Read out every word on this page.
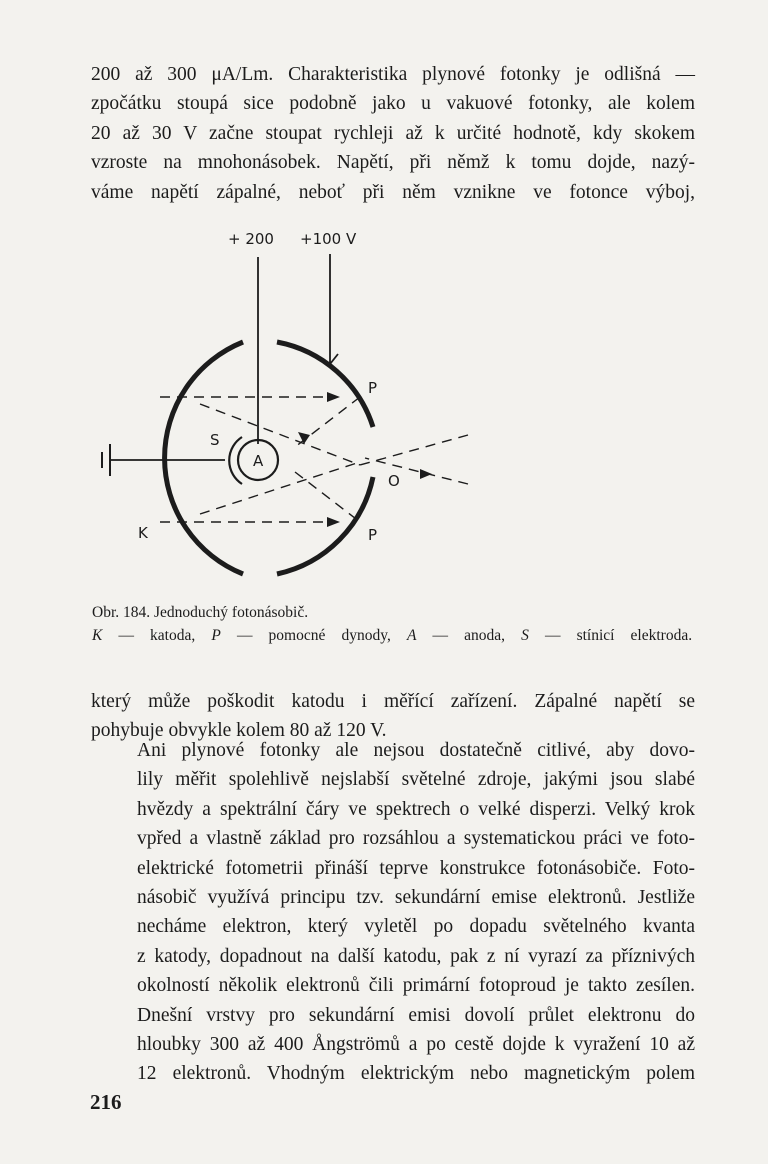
200 až 300 μA/Lm. Charakteristika plynové fotonky je odlišná —
zpočátku stoupá sice podobně jako u vakuové fotonky, ale kolem
20 až 30 V začne stoupat rychleji až k určité hodnotě, kdy skokem
vzroste na mnohonásobek. Napětí, při němž k tomu dojde, nazý-
váme napětí zápalné, neboť při něm vznikne ve fotonce výboj,

+ 200 +100 V
P
S
A
O
K	P

Obr. 184. Jednoduchý fotonásobič.

K — katoda, P — pomocné dynody, A — anoda, S — stínicí elektroda.

který může poškodit katodu i měřící zařízení. Zápalné napětí se
pohybuje obvykle kolem 80 až 120 V.

Ani plynové fotonky ale nejsou dostatečně citlivé, aby dovo-
lily měřit spolehlivě nejslabší světelné zdroje, jakými jsou slabé
hvězdy a spektrální čáry ve spektrech o velké disperzi. Velký krok
vpřed a vlastně základ pro rozsáhlou a systematickou práci ve foto-
elektrické fotometrii přináší teprve konstrukce fotonásobiče. Foto-
násobič využívá principu tzv. sekundární emise elektronů. Jestliže
necháme elektron, který vyletěl po dopadu světelného kvanta
z katody, dopadnout na další katodu, pak z ní vyrazí za příznivých
okolností několik elektronů čili primární fotoproud je takto zesílen.
Dnešní vrstvy pro sekundární emisi dovolí průlet elektronu do
hloubky 300 až 400 Ångströmů a po cestě dojde k vyražení 10 až
12 elektronů. Vhodným elektrickým nebo magnetickým polem

216
